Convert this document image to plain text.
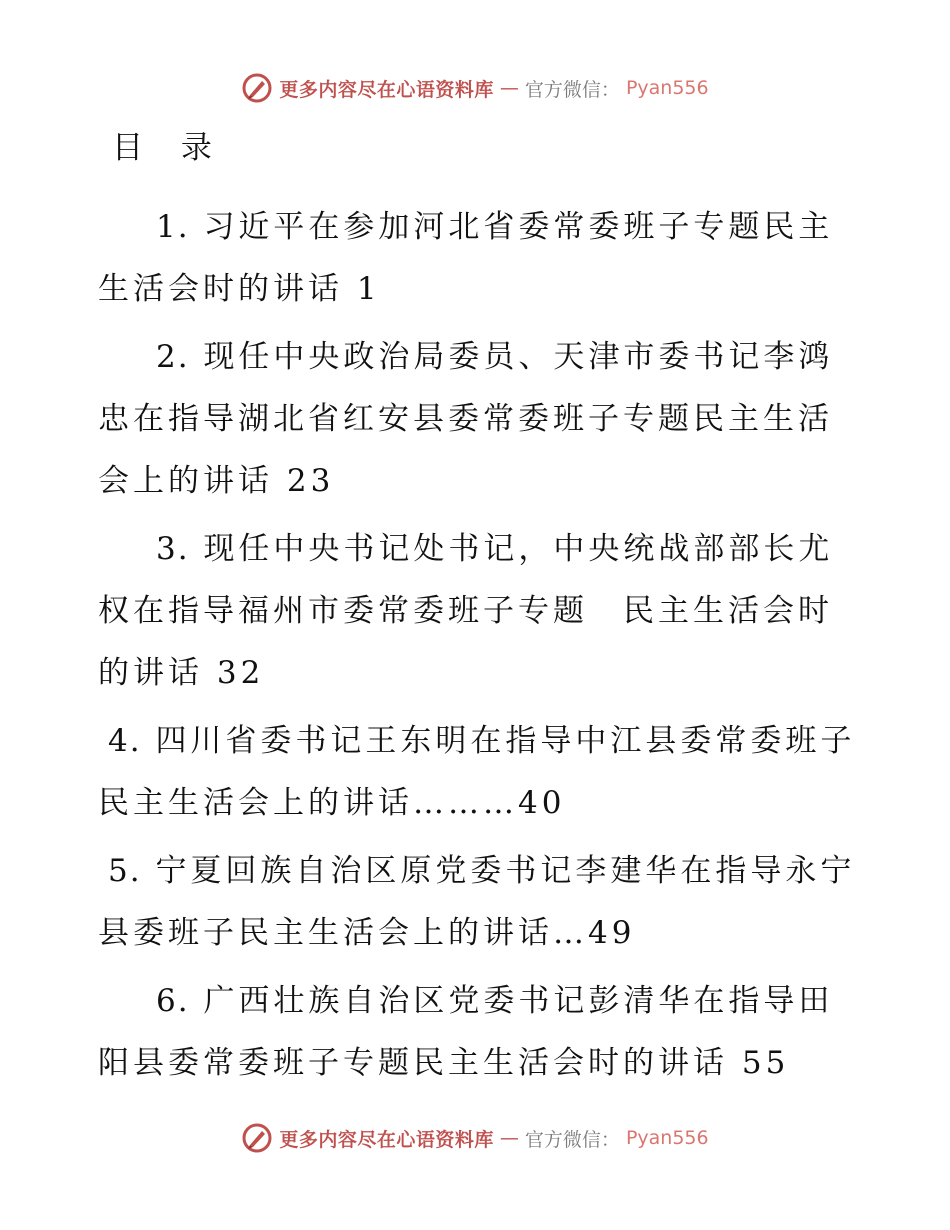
更多内容尽在心语资料库 — 官方微信： Pyan556
目 录
1. 习近平在参加河北省委常委班子专题民主生活会时的讲话 1
2. 现任中央政治局委员、天津市委书记李鸿忠在指导湖北省红安县委常委班子专题民主生活会上的讲话 23
3. 现任中央书记处书记，中央统战部部长尤权在指导福州市委常委班子专题　民主生活会时的讲话 32
4. 四川省委书记王东明在指导中江县委常委班子民主生活会上的讲话………40
5. 宁夏回族自治区原党委书记李建华在指导永宁县委班子民主生活会上的讲话…49
6. 广西壮族自治区党委书记彭清华在指导田阳县委常委班子专题民主生活会时的讲话 55
更多内容尽在心语资料库 — 官方微信： Pyan556
